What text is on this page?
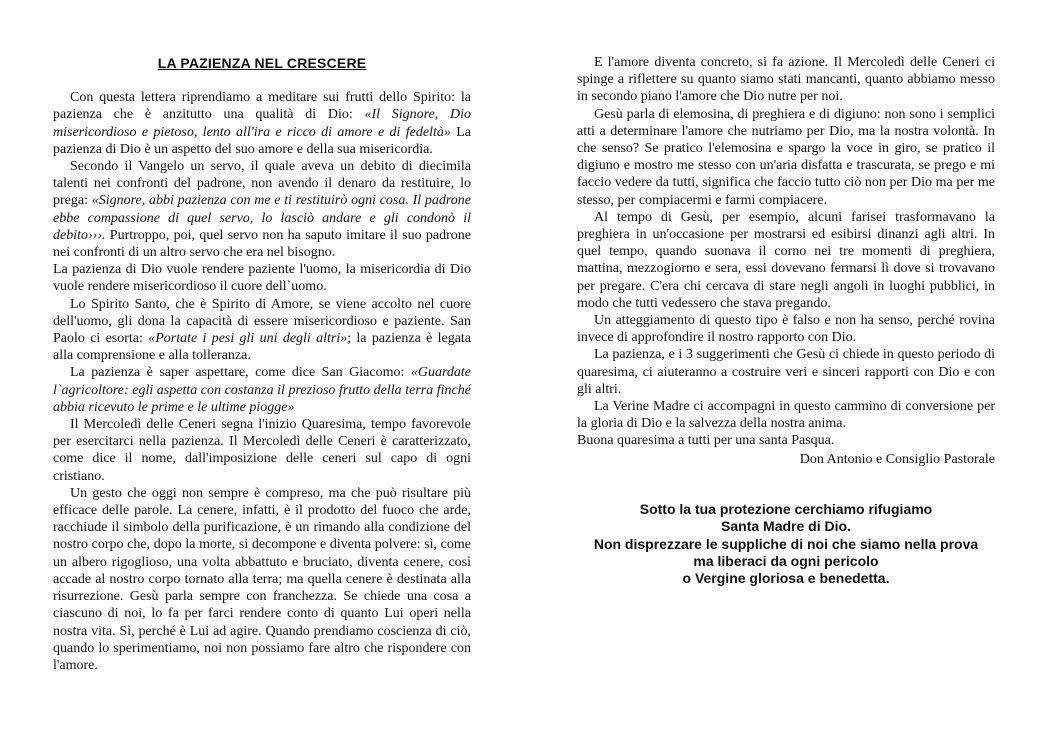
LA PAZIENZA NEL CRESCERE

Con questa lettera riprendiamo a meditare sui frutti dello Spirito: la pazienza che è anzitutto una qualità di Dio: «Il Signore, Dio misericordioso e pietoso, lento all'ira e ricco di amore e di fedeltà» La pazienza di Dio è un aspetto del suo amore e della sua misericordia.

Secondo il Vangelo un servo, il quale aveva un debito di diecimila talenti nei confronti del padrone, non avendo il denaro da restituire, lo prega: «Signore, abbi pazienza con me e ti restituirò ogni cosa. Il padrone ebbe compassione di quel servo, lo lasciò andare e gli condonò il debito›››. Purtroppo, poi, quel servo non ha saputo imitare il suo padrone nei confronti di un altro servo che era nel bisogno.

La pazienza di Dio vuole rendere paziente l'uomo, la misericordia di Dio vuole rendere misericordioso il cuore dell`uomo.

Lo Spirito Santo, che è Spirito di Amore, se viene accolto nel cuore dell'uomo, gli dona la capacità di essere misericordioso e paziente. San Paolo ci esorta: «Portate i pesi gli uni degli altri»; la pazienza è legata alla comprensione e alla tolleranza.

La pazienza è saper aspettare, come dice San Giacomo: «Guardate l`agricoltore: egli aspetta con costanza il prezioso frutto della terra finché abbia ricevuto le prime e le ultime piogge»

Il Mercoledì delle Ceneri segna l'inizio Quaresima, tempo favorevole per esercitarci nella pazienza. Il Mercoledì delle Ceneri è caratterizzato, come dice il nome, dall'imposizione delle ceneri sul capo di ogni cristiano.

Un gesto che oggi non sempre è compreso, ma che può risultare più efficace delle parole. La cenere, infatti, è il prodotto del fuoco che arde, racchiude il simbolo della purificazione, è un rimando alla condizione del nostro corpo che, dopo la morte, si decompone e diventa polvere: sì, come un albero rigoglioso, una volta abbattuto e bruciato, diventa cenere, così accade al nostro corpo tornato alla terra; ma quella cenere è destinata alla risurrezione. Gesù parla sempre con franchezza. Se chiede una cosa a ciascuno di noi, lo fa per farci rendere conto di quanto Lui operi nella nostra vita. Sì, perché è Lui ad agire. Quando prendiamo coscienza di ciò, quando lo sperimentiamo, noi non possiamo fare altro che rispondere con l'amore.

E l'amore diventa concreto, si fa azione. Il Mercoledì delle Ceneri ci spinge a riflettere su quanto siamo stati mancanti, quanto abbiamo messo in secondo piano l'amore che Dio nutre per noi.

Gesù parla di elemosina, di preghiera e di digiuno: non sono i semplici atti a determinare l'amore che nutriamo per Dio, ma la nostra volontà. In che senso? Se pratico l'elemosina e spargo la voce in giro, se pratico il digiuno e mostro me stesso con un'aria disfatta e trascurata, se prego e mi faccio vedere da tutti, significa che faccio tutto ciò non per Dio ma per me stesso, per compiacermi e farmi compiacere.

Al tempo di Gesù, per esempio, alcuni farisei trasformavano la preghiera in un'occasione per mostrarsi ed esibirsi dinanzi agli altri. In quel tempo, quando suonava il corno nei tre momenti di preghiera, mattina, mezzogiorno e sera, essi dovevano fermarsi lì dove si trovavano per pregare. C'era chi cercava di stare negli angoli in luoghi pubblici, in modo che tutti vedessero che stava pregando.

Un atteggiamento di questo tipo è falso e non ha senso, perché rovina invece di approfondire il nostro rapporto con Dio.

La pazienza, e i 3 suggerimenti che Gesù ci chiede in questo periodo di quaresima, ci aiuteranno a costruire veri e sinceri rapporti con Dio e con gli altri.

La Verine Madre ci accompagni in questo cammino di conversione per la gloria di Dio e la salvezza della nostra anima.

Buona quaresima a tutti per una santa Pasqua.

Don Antonio e Consiglio Pastorale

Sotto la tua protezione cerchiamo rifugiamo
Santa Madre di Dio.
Non disprezzare le suppliche di noi che siamo nella prova
ma liberaci da ogni pericolo
o Vergine gloriosa e benedetta.
